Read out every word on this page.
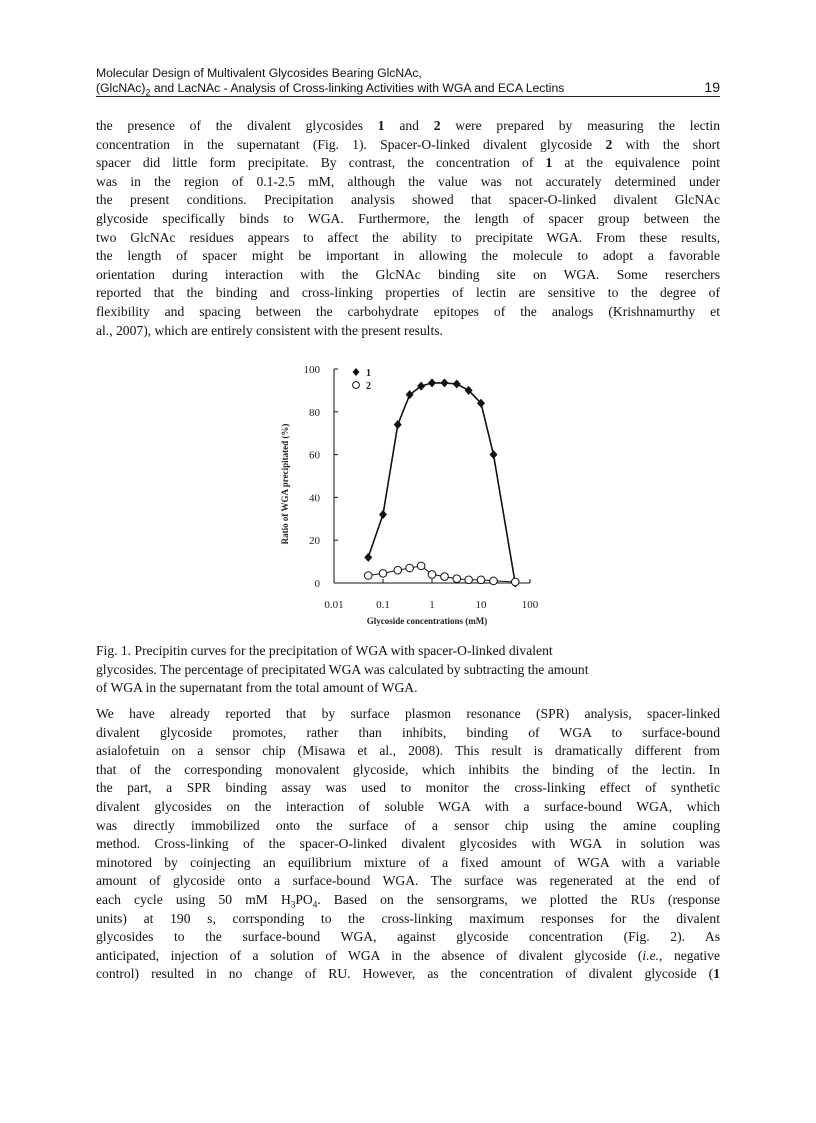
Molecular Design of Multivalent Glycosides Bearing GlcNAc,
$(GlcNAc)_2$ and LacNAc - Analysis of Cross-linking Activities with WGA and ECA Lectins	19
the presence of the divalent glycosides 1 and 2 were prepared by measuring the lectin
concentration in the supernatant (Fig. 1). Spacer-O-linked divalent glycoside 2 with the short
spacer did little form precipitate. By contrast, the concentration of 1 at the equivalence point
was in the region of 0.1-2.5 mM, although the value was not accurately determined under
the present conditions. Precipitation analysis showed that spacer-O-linked divalent GlcNAc
glycoside specifically binds to WGA. Furthermore, the length of spacer group between the
two GlcNAc residues appears to affect the ability to precipitate WGA. From these results,
the length of spacer might be important in allowing the molecule to adopt a favorable
orientation during interaction with the GlcNAc binding site on WGA. Some reserchers
reported that the binding and cross-linking properties of lectin are sensitive to the degree of
flexibility and spacing between the carbohydrate epitopes of the analogs (Krishnamurthy et
al., 2007), which are entirely consistent with the present results.
0
20
40
60
80
100
0.01	0.1	1	10	100
Glycoside concentrations (mM)
Ratio of WGA precipitated (%)
1
2
Fig. 1. Precipitin curves for the precipitation of WGA with spacer-O-linked divalent
glycosides. The percentage of precipitated WGA was calculated by subtracting the amount
of WGA in the supernatant from the total amount of WGA.
We have already reported that by surface plasmon resonance (SPR) analysis, spacer-linked
divalent glycoside promotes, rather than inhibits, binding of WGA to surface-bound
asialofetuin on a sensor chip (Misawa et al., 2008). This result is dramatically different from
that of the corresponding monovalent glycoside, which inhibits the binding of the lectin. In
the part, a SPR binding assay was used to monitor the cross-linking effect of synthetic
divalent glycosides on the interaction of soluble WGA with a surface-bound WGA, which
was directly immobilized onto the surface of a sensor chip using the amine coupling
method. Cross-linking of the spacer-O-linked divalent glycosides with WGA in solution was
minotored by coinjecting an equilibrium mixture of a fixed amount of WGA with a variable
amount of glycoside onto a surface-bound WGA. The surface was regenerated at the end of
each cycle using 50 mM $H_3PO_4$. Based on the sensorgrams, we plotted the RUs (response
units) at 190 s, corrsponding to the cross-linking maximum responses for the divalent
glycosides to the surface-bound WGA, against glycoside concentration (Fig. 2). As
anticipated, injection of a solution of WGA in the absence of divalent glycoside (i.e., negative
control) resulted in no change of RU. However, as the concentration of divalent glycoside (1
